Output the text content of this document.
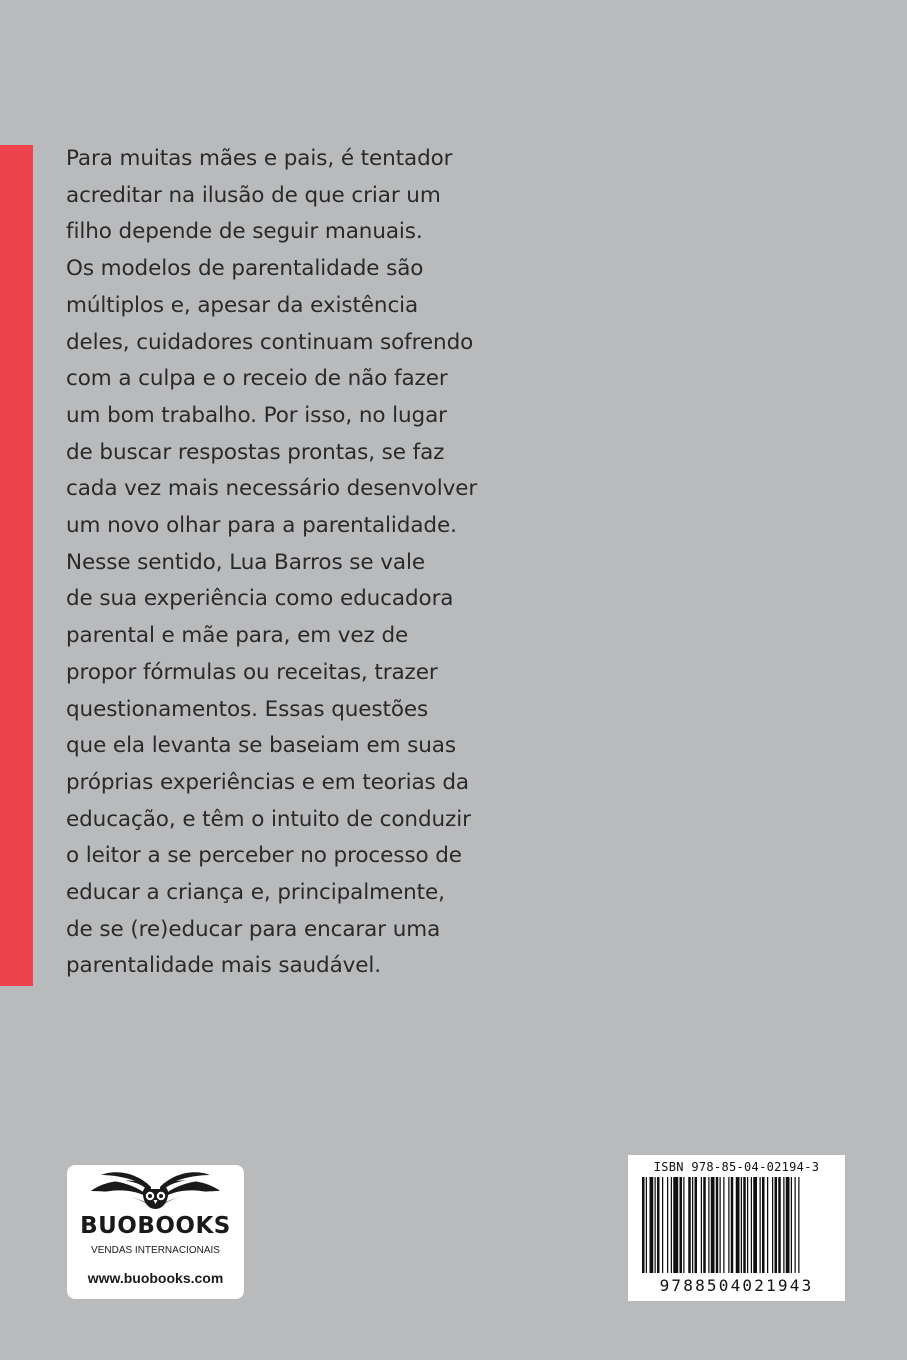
Para muitas mães e pais, é tentador
acreditar na ilusão de que criar um
filho depende de seguir manuais.
Os modelos de parentalidade são
múltiplos e, apesar da existência
deles, cuidadores continuam sofrendo
com a culpa e o receio de não fazer
um bom trabalho. Por isso, no lugar
de buscar respostas prontas, se faz
cada vez mais necessário desenvolver
um novo olhar para a parentalidade.
Nesse sentido, Lua Barros se vale
de sua experiência como educadora
parental e mãe para, em vez de
propor fórmulas ou receitas, trazer
questionamentos. Essas questões
que ela levanta se baseiam em suas
próprias experiências e em teorias da
educação, e têm o intuito de conduzir
o leitor a se perceber no processo de
educar a criança e, principalmente,
de se (re)educar para encarar uma
parentalidade mais saudável.

BUOBOOKS
VENDAS INTERNACIONAIS
www.buobooks.com
ISBN 978-85-04-02194-3
9788504021943
